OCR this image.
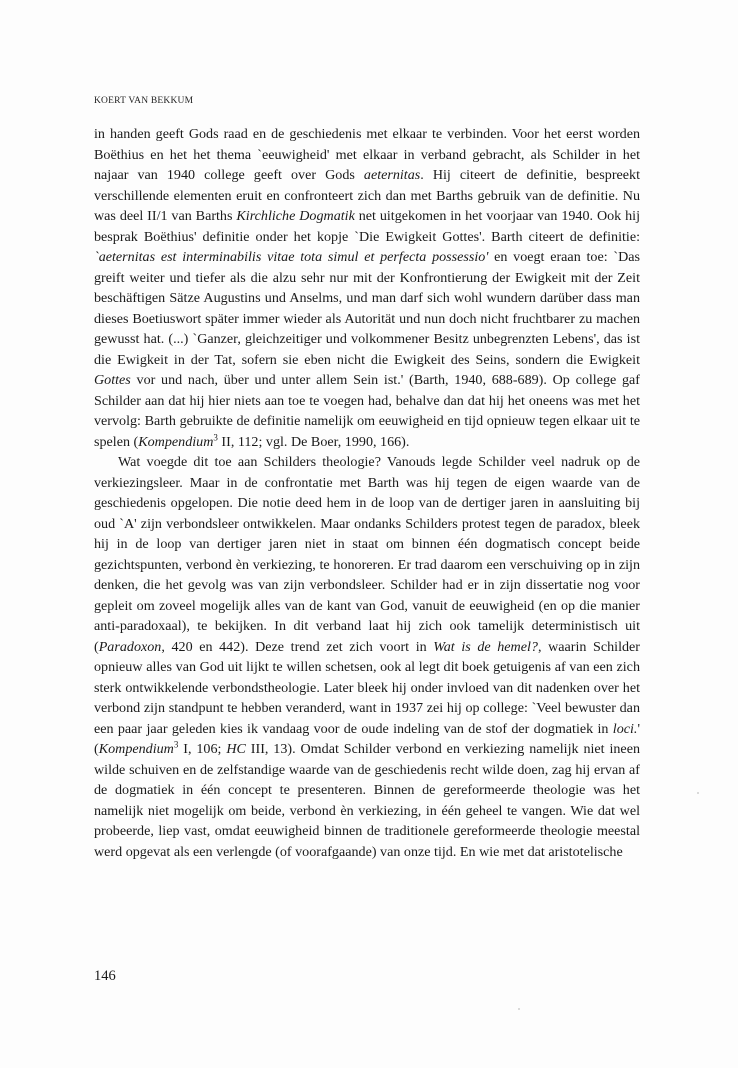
KOERT VAN BEKKUM

in handen geeft Gods raad en de geschiedenis met elkaar te verbinden. Voor het eerst worden Boëthius en het het thema `eeuwigheid' met elkaar in verband gebracht, als Schilder in het najaar van 1940 college geeft over Gods aeternitas. Hij citeert de definitie, bespreekt verschillende elementen eruit en confronteert zich dan met Barths gebruik van de definitie. Nu was deel II/1 van Barths Kirchliche Dogmatik net uitgekomen in het voorjaar van 1940. Ook hij besprak Boëthius' definitie onder het kopje `Die Ewigkeit Gottes'. Barth citeert de definitie: `aeternitas est interminabilis vitae tota simul et perfecta possessio' en voegt eraan toe: `Das greift weiter und tiefer als die alzu sehr nur mit der Konfrontierung der Ewigkeit mit der Zeit beschäftigen Sätze Augustins und Anselms, und man darf sich wohl wundern darüber dass man dieses Boetiuswort später immer wieder als Autorität und nun doch nicht fruchtbarer zu machen gewusst hat. (...) `Ganzer, gleichzeitiger und volkommener Besitz unbegrenzten Lebens', das ist die Ewigkeit in der Tat, sofern sie eben nicht die Ewigkeit des Seins, sondern die Ewigkeit Gottes vor und nach, über und unter allem Sein ist.' (Barth, 1940, 688-689). Op college gaf Schilder aan dat hij hier niets aan toe te voegen had, behalve dan dat hij het oneens was met het vervolg: Barth gebruikte de definitie namelijk om eeuwigheid en tijd opnieuw tegen elkaar uit te spelen (Kompendium$^3$ II, 112; vgl. De Boer, 1990, 166).

Wat voegde dit toe aan Schilders theologie? Vanouds legde Schilder veel nadruk op de verkiezingsleer. Maar in de confrontatie met Barth was hij tegen de eigen waarde van de geschiedenis opgelopen. Die notie deed hem in de loop van de dertiger jaren in aansluiting bij oud `A' zijn verbondsleer ontwikkelen. Maar ondanks Schilders protest tegen de paradox, bleek hij in de loop van dertiger jaren niet in staat om binnen één dogmatisch concept beide gezichtspunten, verbond èn verkiezing, te honoreren. Er trad daarom een verschuiving op in zijn denken, die het gevolg was van zijn verbondsleer. Schilder had er in zijn dissertatie nog voor gepleit om zoveel mogelijk alles van de kant van God, vanuit de eeuwigheid (en op die manier anti-paradoxaal), te bekijken. In dit verband laat hij zich ook tamelijk deterministisch uit (Paradoxon, 420 en 442). Deze trend zet zich voort in Wat is de hemel?, waarin Schilder opnieuw alles van God uit lijkt te willen schetsen, ook al legt dit boek getuigenis af van een zich sterk ontwikkelende verbondstheologie. Later bleek hij onder invloed van dit nadenken over het verbond zijn standpunt te hebben veranderd, want in 1937 zei hij op college: `Veel bewuster dan een paar jaar geleden kies ik vandaag voor de oude indeling van de stof der dogmatiek in loci.' (Kompendium$^3$ I, 106; HC III, 13). Omdat Schilder verbond en verkiezing namelijk niet ineen wilde schuiven en de zelfstandige waarde van de geschiedenis recht wilde doen, zag hij ervan af de dogmatiek in één concept te presenteren. Binnen de gereformeerde theologie was het namelijk niet mogelijk om beide, verbond èn verkiezing, in één geheel te vangen. Wie dat wel probeerde, liep vast, omdat eeuwigheid binnen de traditionele gereformeerde theologie meestal werd opgevat als een verlengde (of voorafgaande) van onze tijd. En wie met dat aristotelische

146
